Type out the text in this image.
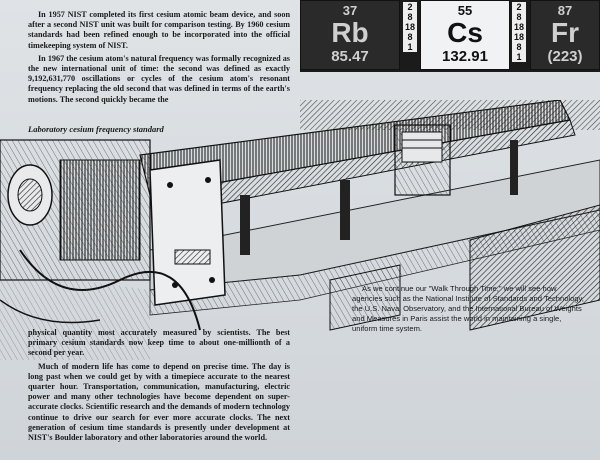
37
Rb
85.47
2
8
18
8
1
55
Cs
132.91
2
8
18
18
8
1
87
Fr
(223)

In 1957 NIST completed its first cesium atomic beam device, and soon after a second NIST unit was built for comparison testing. By 1960 cesium standards had been refined enough to be incorporated into the official timekeeping system of NIST.

In 1967 the cesium atom's natural frequency was formally recognized as the new international unit of time: the second was defined as exactly 9,192,631,770 oscillations or cycles of the cesium atom's resonant frequency replacing the old second that was defined in terms of the earth's motions. The second quickly became the

Laboratory cesium frequency standard

As we continue our "Walk Through Time," we will see how agencies such as the National Institute of Standards and Technology, the U.S. Naval Observatory, and the International Bureau of Weights and Measures in Paris assist the world in maintaining a single, uniform time system.

physical quantity most accurately measured by scientists. The best primary cesium standards now keep time to about one-millionth of a second per year.

Much of modern life has come to depend on precise time. The day is long past when we could get by with a timepiece accurate to the nearest quarter hour. Transportation, communication, manufacturing, electric power and many other technologies have become dependent on super-accurate clocks. Scientific research and the demands of modern technology continue to drive our search for ever more accurate clocks. The next generation of cesium time standards is presently under development at NIST's Boulder laboratory and other laboratories around the world.
